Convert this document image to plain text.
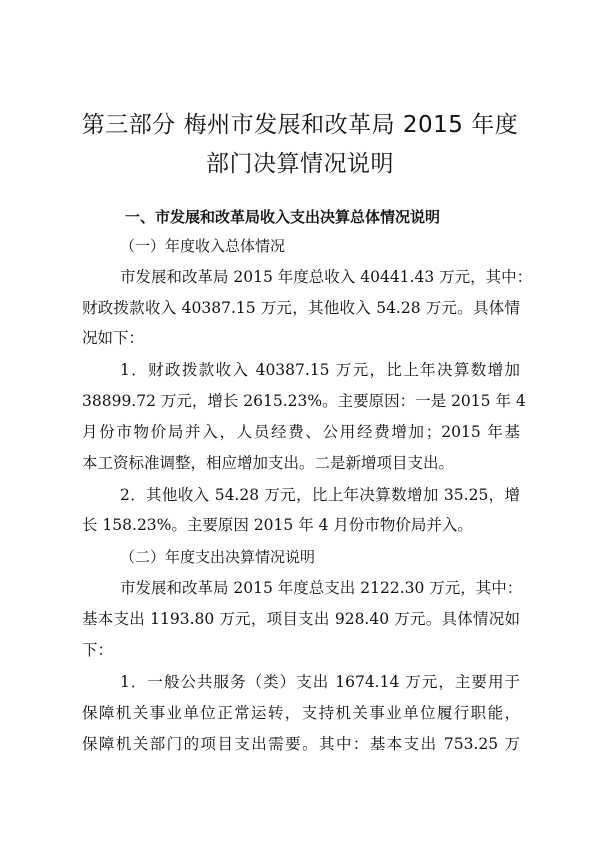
第三部分 梅州市发展和改革局 2015 年度
部门决算情况说明
一、市发展和改革局收入支出决算总体情况说明
（一）年度收入总体情况
市发展和改革局 2015 年度总收入 40441.43 万元，其中：
财政拨款收入 40387.15 万元，其他收入 54.28 万元。具体情
况如下：
1．财政拨款收入 40387.15 万元，比上年决算数增加
38899.72 万元，增长 2615.23%。主要原因：一是 2015 年 4
月份市物价局并入，人员经费、公用经费增加；2015 年基
本工资标准调整，相应增加支出。二是新增项目支出。
2．其他收入 54.28 万元，比上年决算数增加 35.25，增
长 158.23%。主要原因 2015 年 4 月份市物价局并入。
（二）年度支出决算情况说明
市发展和改革局 2015 年度总支出 2122.30 万元，其中：
基本支出 1193.80 万元，项目支出 928.40 万元。具体情况如
下：
1．一般公共服务（类）支出 1674.14 万元，主要用于
保障机关事业单位正常运转，支持机关事业单位履行职能，
保障机关部门的项目支出需要。其中：基本支出 753.25 万
